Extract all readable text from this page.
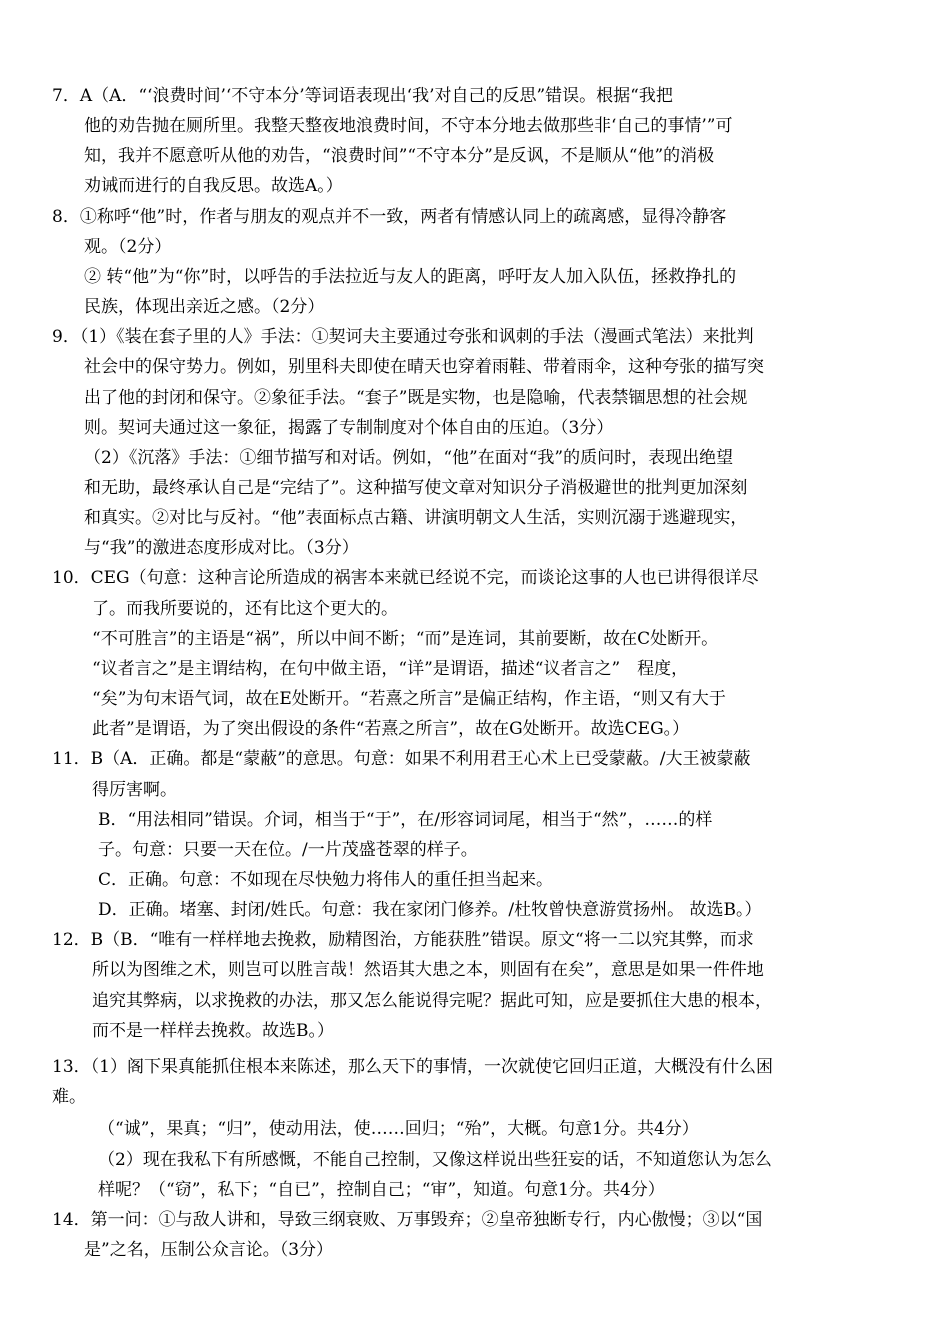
7．A（A．“‘浪费时间’‘不守本分’等词语表现出‘我’对自己的反思”错误。根据“我把
他的劝告抛在厕所里。我整天整夜地浪费时间，不守本分地去做那些非‘自己的事情’”可
知，我并不愿意听从他的劝告，“浪费时间”“不守本分”是反讽，不是顺从“他”的消极
劝诫而进行的自我反思。故选A。）
8．①称呼“他”时，作者与朋友的观点并不一致，两者有情感认同上的疏离感，显得冷静客
观。（2分）
② 转“他”为“你”时，以呼告的手法拉近与友人的距离，呼吁友人加入队伍，拯救挣扎的
民族，体现出亲近之感。（2分）
9．（1）《装在套子里的人》手法：①契诃夫主要通过夸张和讽刺的手法（漫画式笔法）来批判
社会中的保守势力。例如，别里科夫即使在晴天也穿着雨鞋、带着雨伞，这种夸张的描写突
出了他的封闭和保守。②象征手法。“套子”既是实物，也是隐喻，代表禁锢思想的社会规
则。契诃夫通过这一象征，揭露了专制制度对个体自由的压迫。（3分）
（2）《沉落》手法：①细节描写和对话。例如，“他”在面对“我”的质问时，表现出绝望
和无助，最终承认自己是“完结了”。这种描写使文章对知识分子消极避世的批判更加深刻
和真实。②对比与反衬。“他”表面标点古籍、讲演明朝文人生活，实则沉溺于逃避现实，
与“我”的激进态度形成对比。（3分）
10．CEG（句意：这种言论所造成的祸害本来就已经说不完，而谈论这事的人也已讲得很详尽
了。而我所要说的，还有比这个更大的。
“不可胜言”的主语是“祸”，所以中间不断；“而”是连词，其前要断，故在C处断开。
“议者言之”是主谓结构，在句中做主语，“详”是谓语，描述“议者言之”　程度，
“矣”为句末语气词，故在E处断开。“若熹之所言”是偏正结构，作主语，“则又有大于
此者”是谓语，为了突出假设的条件“若熹之所言”，故在G处断开。故选CEG。）
11．B（A．正确。都是“蒙蔽”的意思。句意：如果不利用君王心术上已受蒙蔽。/大王被蒙蔽
得厉害啊。
B．“用法相同”错误。介词，相当于“于”，在/形容词词尾，相当于“然”，……的样
子。句意：只要一天在位。/一片茂盛苍翠的样子。
C．正确。句意：不如现在尽快勉力将伟人的重任担当起来。
D．正确。堵塞、封闭/姓氏。句意：我在家闭门修养。/杜牧曾快意游赏扬州。 故选B。）
12．B（B．“唯有一样样地去挽救，励精图治，方能获胜”错误。原文“将一二以究其弊，而求
所以为图维之术，则岂可以胜言哉！然语其大患之本，则固有在矣”，意思是如果一件件地
追究其弊病，以求挽救的办法，那又怎么能说得完呢？据此可知，应是要抓住大患的根本，
而不是一样样去挽救。故选B。）
13．（1）阁下果真能抓住根本来陈述，那么天下的事情，一次就使它回归正道，大概没有什么困
难。
（“诚”，果真；“归”，使动用法，使……回归；“殆”，大概。句意1分。共4分）
（2）现在我私下有所感慨，不能自己控制，又像这样说出些狂妄的话，不知道您认为怎么
样呢？（“窃”，私下；“自已”，控制自己；“审”，知道。句意1分。共4分）
14．第一问：①与敌人讲和，导致三纲衰败、万事毁弃；②皇帝独断专行，内心傲慢；③以“国
是”之名，压制公众言论。（3分）
